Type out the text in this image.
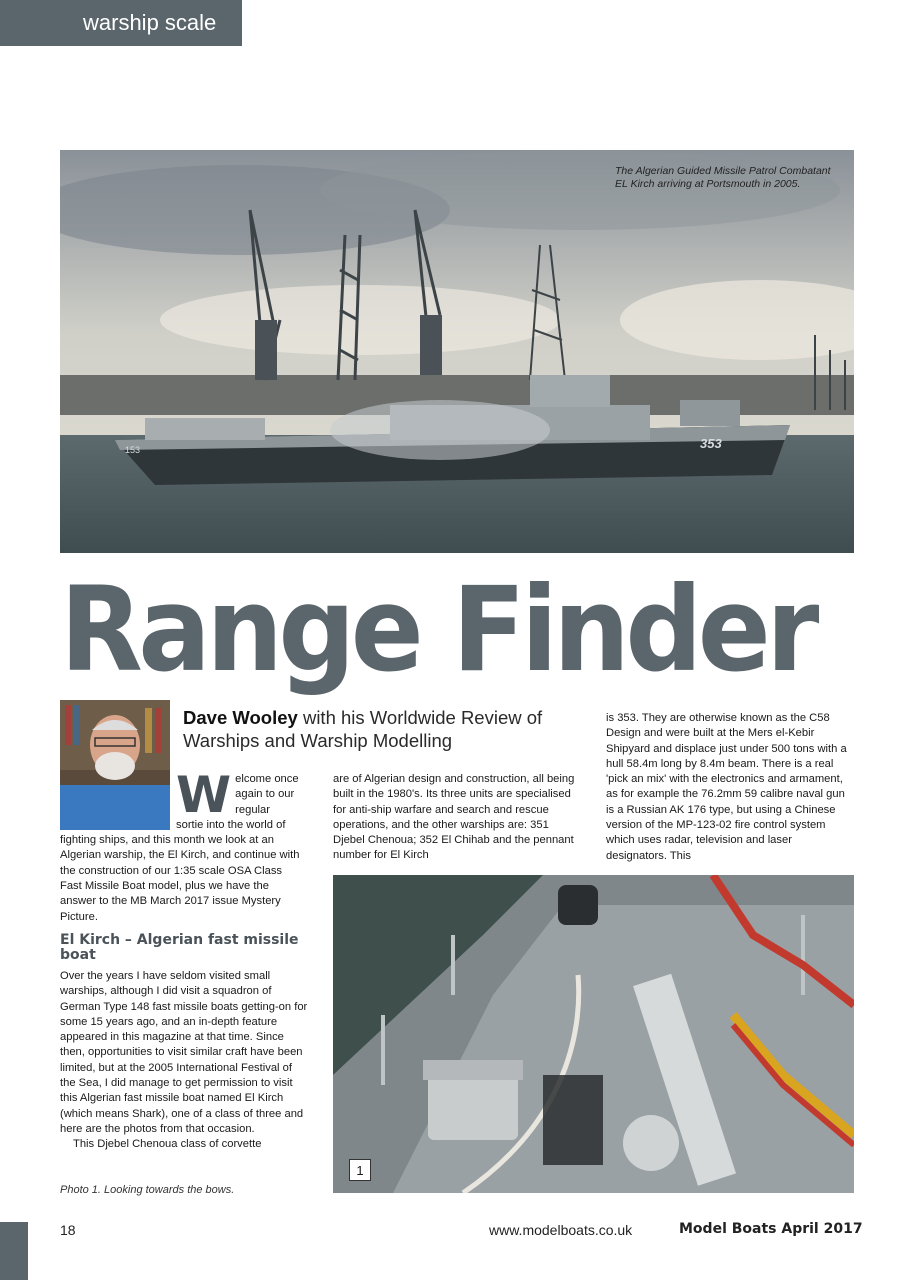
warship scale
353
153
The Algerian Guided Missile Patrol Combatant EL Kirch arriving at Portsmouth in 2005.
Range Finder
Dave Wooley with his Worldwide Review of Warships and Warship Modelling
W elcome once again to our regular sortie into the world of fighting ships, and this month we look at an Algerian warship, the El Kirch, and continue with the construction of our 1:35 scale OSA Class Fast Missile Boat model, plus we have the answer to the MB March 2017 issue Mystery Picture.
El Kirch – Algerian fast missile boat
Over the years I have seldom visited small warships, although I did visit a squadron of German Type 148 fast missile boats getting-on for some 15 years ago, and an in-depth feature appeared in this magazine at that time. Since then, opportunities to visit similar craft have been limited, but at the 2005 International Festival of the Sea, I did manage to get permission to visit this Algerian fast missile boat named El Kirch (which means Shark), one of a class of three and here are the photos from that occasion.
This Djebel Chenoua class of corvette
are of Algerian design and construction, all being built in the 1980's. Its three units are specialised for anti-ship warfare and search and rescue operations, and the other warships are: 351 Djebel Chenoua; 352 El Chihab and the pennant number for El Kirch
is 353. They are otherwise known as the C58 Design and were built at the Mers el-Kebir Shipyard and displace just under 500 tons with a hull 58.4m long by 8.4m beam. There is a real 'pick an mix' with the electronics and armament, as for example the 76.2mm 59 calibre naval gun is a Russian AK 176 type, but using a Chinese version of the MP-123-02 fire control system which uses radar, television and laser designators. This
1
Photo 1. Looking towards the bows.
18	www.modelboats.co.uk	Model Boats April 2017
